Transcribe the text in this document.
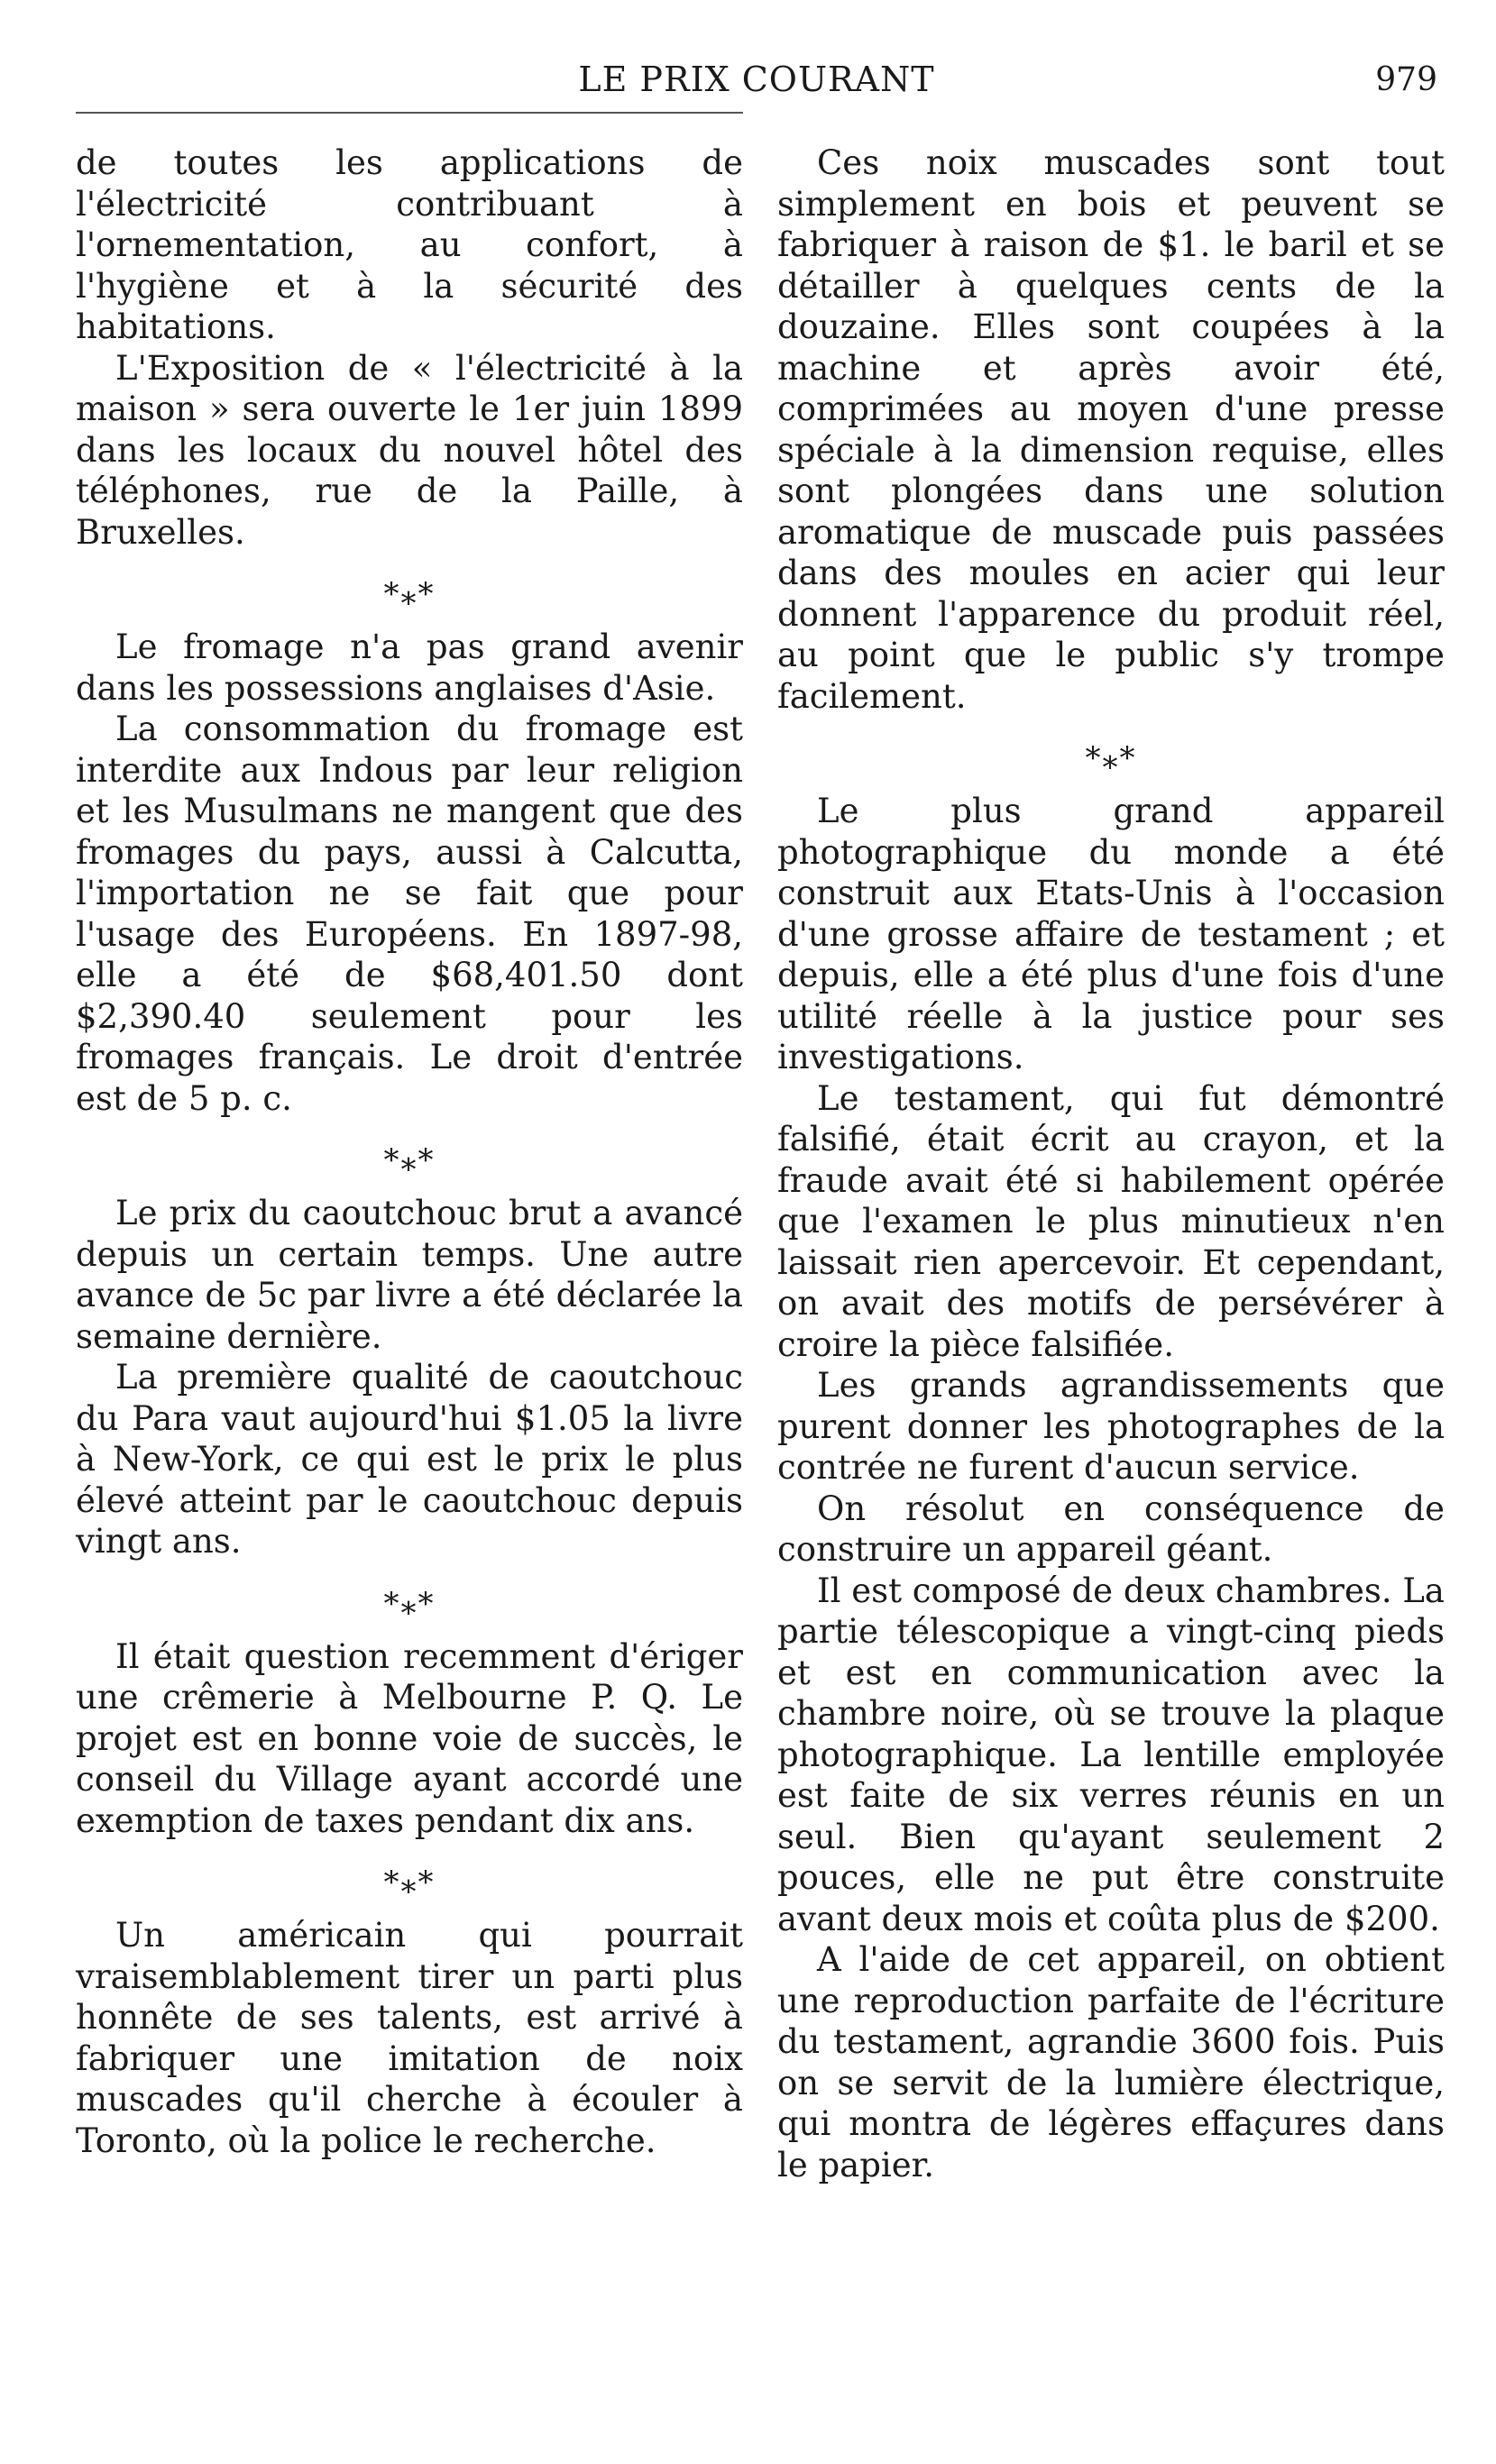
LE PRIX COURANT	979

de toutes les applications de l'électricité contribuant à l'ornementation, au confort, à l'hygiène et à la sécurité des habitations.

L'Exposition de « l'électricité à la maison » sera ouverte le 1er juin 1899 dans les locaux du nouvel hôtel des téléphones, rue de la Paille, à Bruxelles.

*⁎*

Le fromage n'a pas grand avenir dans les possessions anglaises d'Asie.

La consommation du fromage est interdite aux Indous par leur religion et les Musulmans ne mangent que des fromages du pays, aussi à Calcutta, l'importation ne se fait que pour l'usage des Européens. En 1897-98, elle a été de $68,401.50 dont $2,390.40 seulement pour les fromages français. Le droit d'entrée est de 5 p. c.

*⁎*

Le prix du caoutchouc brut a avancé depuis un certain temps. Une autre avance de 5c par livre a été déclarée la semaine dernière.

La première qualité de caoutchouc du Para vaut aujourd'hui $1.05 la livre à New-York, ce qui est le prix le plus élevé atteint par le caoutchouc depuis vingt ans.

*⁎*

Il était question recemment d'ériger une crêmerie à Melbourne P. Q. Le projet est en bonne voie de succès, le conseil du Village ayant accordé une exemption de taxes pendant dix ans.

*⁎*

Un américain qui pourrait vraisemblablement tirer un parti plus honnête de ses talents, est arrivé à fabriquer une imitation de noix muscades qu'il cherche à écouler à Toronto, où la police le recherche.

Ces noix muscades sont tout simplement en bois et peuvent se fabriquer à raison de $1. le baril et se détailler à quelques cents de la douzaine. Elles sont coupées à la machine et après avoir été, comprimées au moyen d'une presse spéciale à la dimension requise, elles sont plongées dans une solution aromatique de muscade puis passées dans des moules en acier qui leur donnent l'apparence du produit réel, au point que le public s'y trompe facilement.

*⁎*

Le plus grand appareil photographique du monde a été construit aux Etats-Unis à l'occasion d'une grosse affaire de testament ; et depuis, elle a été plus d'une fois d'une utilité réelle à la justice pour ses investigations.

Le testament, qui fut démontré falsifié, était écrit au crayon, et la fraude avait été si habilement opérée que l'examen le plus minutieux n'en laissait rien apercevoir. Et cependant, on avait des motifs de persévérer à croire la pièce falsifiée.

Les grands agrandissements que purent donner les photographes de la contrée ne furent d'aucun service.

On résolut en conséquence de construire un appareil géant.

Il est composé de deux chambres. La partie télescopique a vingt-cinq pieds et est en communication avec la chambre noire, où se trouve la plaque photographique. La lentille employée est faite de six verres réunis en un seul. Bien qu'ayant seulement 2 pouces, elle ne put être construite avant deux mois et coûta plus de $200.

A l'aide de cet appareil, on obtient une reproduction parfaite de l'écriture du testament, agrandie 3600 fois. Puis on se servit de la lumière électrique, qui montra de légères effaçures dans le papier.
